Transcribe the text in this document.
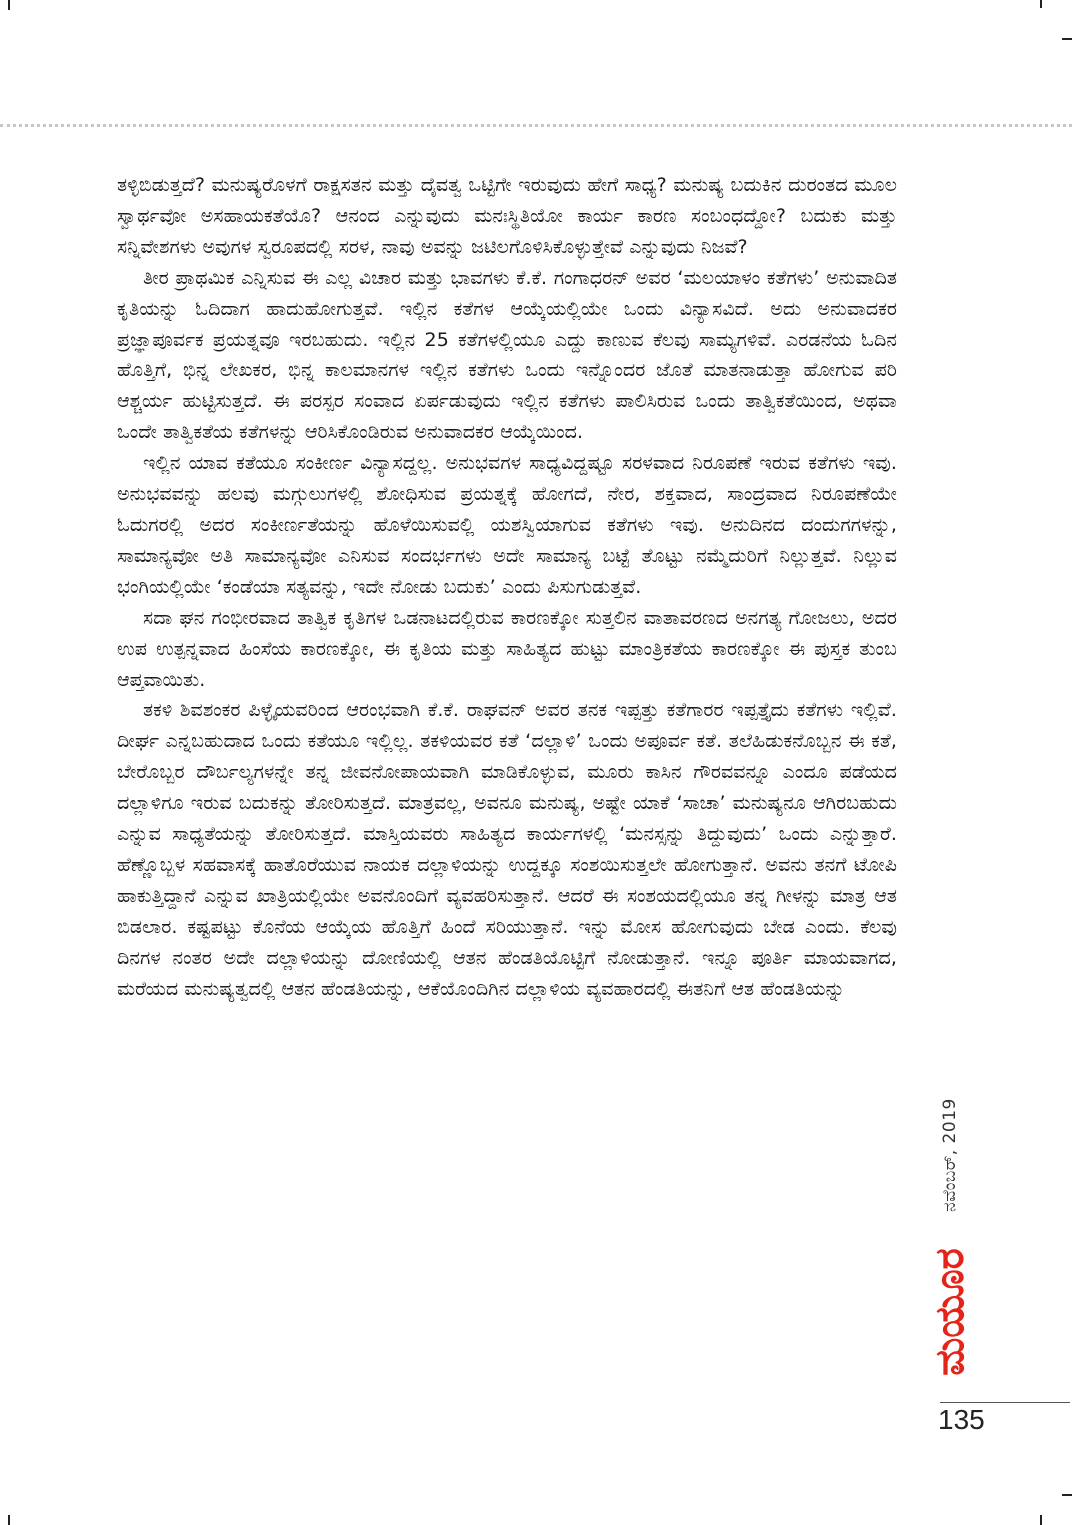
ತಳ್ಳಿಬಿಡುತ್ತದೆ? ಮನುಷ್ಯರೊಳಗೆ ರಾಕ್ಷಸತನ ಮತ್ತು ದೈವತ್ವ ಒಟ್ಟಿಗೇ ಇರುವುದು ಹೇಗೆ ಸಾಧ್ಯ? ಮನುಷ್ಯ ಬದುಕಿನ ದುರಂತದ ಮೂಲ ಸ್ವಾರ್ಥವೋ ಅಸಹಾಯಕತೆಯೊ? ಆನಂದ ಎನ್ನುವುದು ಮನಃಸ್ಥಿತಿಯೋ ಕಾರ್ಯ ಕಾರಣ ಸಂಬಂಧದ್ದೋ? ಬದುಕು ಮತ್ತು ಸನ್ನಿವೇಶಗಳು ಅವುಗಳ ಸ್ವರೂಪದಲ್ಲಿ ಸರಳ, ನಾವು ಅವನ್ನು ಜಟಿಲಗೊಳಿಸಿಕೊಳ್ಳುತ್ತೇವೆ ಎನ್ನುವುದು ನಿಜವೆ?

ತೀರ ಪ್ರಾಥಮಿಕ ಎನ್ನಿಸುವ ಈ ಎಲ್ಲ ವಿಚಾರ ಮತ್ತು ಭಾವಗಳು ಕೆ.ಕೆ. ಗಂಗಾಧರನ್ ಅವರ ‘ಮಲಯಾಳಂ ಕತೆಗಳು’ ಅನುವಾದಿತ ಕೃತಿಯನ್ನು ಓದಿದಾಗ ಹಾದುಹೋಗುತ್ತವೆ. ಇಲ್ಲಿನ ಕತೆಗಳ ಆಯ್ಕೆಯಲ್ಲಿಯೇ ಒಂದು ವಿನ್ಯಾಸವಿದೆ. ಅದು ಅನುವಾದಕರ ಪ್ರಜ್ಞಾಪೂರ್ವಕ ಪ್ರಯತ್ನವೂ ಇರಬಹುದು. ಇಲ್ಲಿನ 25 ಕತೆಗಳಲ್ಲಿಯೂ ಎದ್ದು ಕಾಣುವ ಕೆಲವು ಸಾಮ್ಯಗಳಿವೆ. ಎರಡನೆಯ ಓದಿನ ಹೊತ್ತಿಗೆ, ಭಿನ್ನ ಲೇಖಕರ, ಭಿನ್ನ ಕಾಲಮಾನಗಳ ಇಲ್ಲಿನ ಕತೆಗಳು ಒಂದು ಇನ್ನೊಂದರ ಜೊತೆ ಮಾತನಾಡುತ್ತಾ ಹೋಗುವ ಪರಿ ಆಶ್ಚರ್ಯ ಹುಟ್ಟಿಸುತ್ತದೆ. ಈ ಪರಸ್ಪರ ಸಂವಾದ ಏರ್ಪಡುವುದು ಇಲ್ಲಿನ ಕತೆಗಳು ಪಾಲಿಸಿರುವ ಒಂದು ತಾತ್ವಿಕತೆಯಿಂದ, ಅಥವಾ ಒಂದೇ ತಾತ್ವಿಕತೆಯ ಕತೆಗಳನ್ನು ಆರಿಸಿಕೊಂಡಿರುವ ಅನುವಾದಕರ ಆಯ್ಕೆಯಿಂದ.

ಇಲ್ಲಿನ ಯಾವ ಕತೆಯೂ ಸಂಕೀರ್ಣ ವಿನ್ಯಾಸದ್ದಲ್ಲ. ಅನುಭವಗಳ ಸಾಧ್ಯವಿದ್ದಷ್ಟೂ ಸರಳವಾದ ನಿರೂಪಣೆ ಇರುವ ಕತೆಗಳು ಇವು. ಅನುಭವವನ್ನು ಹಲವು ಮಗ್ಗುಲುಗಳಲ್ಲಿ ಶೋಧಿಸುವ ಪ್ರಯತ್ನಕ್ಕೆ ಹೋಗದೆ, ನೇರ, ಶಕ್ತವಾದ, ಸಾಂದ್ರವಾದ ನಿರೂಪಣೆಯೇ ಓದುಗರಲ್ಲಿ ಅದರ ಸಂಕೀರ್ಣತೆಯನ್ನು ಹೊಳೆಯಿಸುವಲ್ಲಿ ಯಶಸ್ವಿಯಾಗುವ ಕತೆಗಳು ಇವು. ಅನುದಿನದ ದಂದುಗಗಳನ್ನು, ಸಾಮಾನ್ಯವೋ ಅತಿ ಸಾಮಾನ್ಯವೋ ಎನಿಸುವ ಸಂದರ್ಭಗಳು ಅದೇ ಸಾಮಾನ್ಯ ಬಟ್ಟೆ ತೊಟ್ಟು ನಮ್ಮೆದುರಿಗೆ ನಿಲ್ಲುತ್ತವೆ. ನಿಲ್ಲುವ ಭಂಗಿಯಲ್ಲಿಯೇ ‘ಕಂಡೆಯಾ ಸತ್ಯವನ್ನು, ಇದೇ ನೋಡು ಬದುಕು’ ಎಂದು ಪಿಸುಗುಡುತ್ತವೆ.

ಸದಾ ಘನ ಗಂಭೀರವಾದ ತಾತ್ವಿಕ ಕೃತಿಗಳ ಒಡನಾಟದಲ್ಲಿರುವ ಕಾರಣಕ್ಕೋ ಸುತ್ತಲಿನ ವಾತಾವರಣದ ಅನಗತ್ಯ ಗೋಜಲು, ಅದರ ಉಪ ಉತ್ಪನ್ನವಾದ ಹಿಂಸೆಯ ಕಾರಣಕ್ಕೋ, ಈ ಕೃತಿಯ ಮತ್ತು ಸಾಹಿತ್ಯದ ಹುಟ್ಟು ಮಾಂತ್ರಿಕತೆಯ ಕಾರಣಕ್ಕೋ ಈ ಪುಸ್ತಕ ತುಂಬ ಆಪ್ತವಾಯಿತು.

ತಕಳಿ ಶಿವಶಂಕರ ಪಿಳ್ಳೈಯವರಿಂದ ಆರಂಭವಾಗಿ ಕೆ.ಕೆ. ರಾಘವನ್ ಅವರ ತನಕ ಇಪ್ಪತ್ತು ಕತೆಗಾರರ ಇಪ್ಪತ್ತೈದು ಕತೆಗಳು ಇಲ್ಲಿವೆ. ದೀರ್ಘ ಎನ್ನಬಹುದಾದ ಒಂದು ಕತೆಯೂ ಇಲ್ಲಿಲ್ಲ. ತಕಳಿಯವರ ಕತೆ ‘ದಲ್ಲಾಳಿ’ ಒಂದು ಅಪೂರ್ವ ಕತೆ. ತಲೆಹಿಡುಕನೊಬ್ಬನ ಈ ಕತೆ, ಬೇರೊಬ್ಬರ ದೌರ್ಬಲ್ಯಗಳನ್ನೇ ತನ್ನ ಜೀವನೋಪಾಯವಾಗಿ ಮಾಡಿಕೊಳ್ಳುವ, ಮೂರು ಕಾಸಿನ ಗೌರವವನ್ನೂ ಎಂದೂ ಪಡೆಯದ ದಲ್ಲಾಳಿಗೂ ಇರುವ ಬದುಕನ್ನು ತೋರಿಸುತ್ತದೆ. ಮಾತ್ರವಲ್ಲ, ಅವನೂ ಮನುಷ್ಯ, ಅಷ್ಟೇ ಯಾಕೆ ‘ಸಾಚಾ’ ಮನುಷ್ಯನೂ ಆಗಿರಬಹುದು ಎನ್ನುವ ಸಾಧ್ಯತೆಯನ್ನು ತೋರಿಸುತ್ತದೆ. ಮಾಸ್ತಿಯವರು ಸಾಹಿತ್ಯದ ಕಾರ್ಯಗಳಲ್ಲಿ ‘ಮನಸ್ಸನ್ನು ತಿದ್ದುವುದು’ ಒಂದು ಎನ್ನುತ್ತಾರೆ. ಹೆಣ್ಣೊಬ್ಬಳ ಸಹವಾಸಕ್ಕೆ ಹಾತೊರೆಯುವ ನಾಯಕ ದಲ್ಲಾಳಿಯನ್ನು ಉದ್ದಕ್ಕೂ ಸಂಶಯಿಸುತ್ತಲೇ ಹೋಗುತ್ತಾನೆ. ಅವನು ತನಗೆ ಟೋಪಿ ಹಾಕುತ್ತಿದ್ದಾನೆ ಎನ್ನುವ ಖಾತ್ರಿಯಲ್ಲಿಯೇ ಅವನೊಂದಿಗೆ ವ್ಯವಹರಿಸುತ್ತಾನೆ. ಆದರೆ ಈ ಸಂಶಯದಲ್ಲಿಯೂ ತನ್ನ ಗೀಳನ್ನು ಮಾತ್ರ ಆತ ಬಿಡಲಾರ. ಕಷ್ಟಪಟ್ಟು ಕೊನೆಯ ಆಯ್ಕೆಯ ಹೊತ್ತಿಗೆ ಹಿಂದೆ ಸರಿಯುತ್ತಾನೆ. ಇನ್ನು ಮೋಸ ಹೋಗುವುದು ಬೇಡ ಎಂದು. ಕೆಲವು ದಿನಗಳ ನಂತರ ಅದೇ ದಲ್ಲಾಳಿಯನ್ನು ದೋಣಿಯಲ್ಲಿ ಆತನ ಹೆಂಡತಿಯೊಟ್ಟಿಗೆ ನೋಡುತ್ತಾನೆ. ಇನ್ನೂ ಪೂರ್ತಿ ಮಾಯವಾಗದ, ಮರೆಯದ ಮನುಷ್ಯತ್ವದಲ್ಲಿ ಆತನ ಹೆಂಡತಿಯನ್ನು, ಆಕೆಯೊಂದಿಗಿನ ದಲ್ಲಾಳಿಯ ವ್ಯವಹಾರದಲ್ಲಿ ಈತನಿಗೆ ಆತ ಹೆಂಡತಿಯನ್ನು

ನವೆಂಬರ್, 2019
ಮಯೂರ
135
